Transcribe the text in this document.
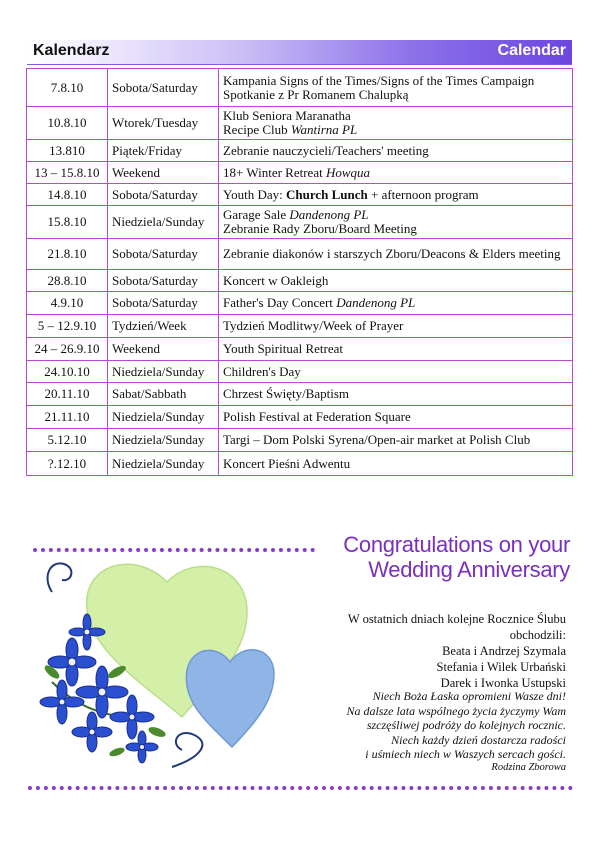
Kalendarz	Calendar
7.8.10	Sobota/Saturday	Kampania Signs of the Times/Signs of the Times Campaign
Spotkanie z Pr Romanem Chalupką
10.8.10	Wtorek/Tuesday	Klub Seniora Maranatha
Recipe Club Wantirna PL
13.810	Piątek/Friday	Zebranie nauczycieli/Teachers' meeting
13 – 15.8.10	Weekend	18+ Winter Retreat Howqua
14.8.10	Sobota/Saturday	Youth Day: Church Lunch + afternoon program
15.8.10	Niedziela/Sunday	Garage Sale Dandenong PL
Zebranie Rady Zboru/Board Meeting
21.8.10	Sobota/Saturday	Zebranie diakonów i starszych Zboru/Deacons & Elders meeting
28.8.10	Sobota/Saturday	Koncert w Oakleigh
4.9.10	Sobota/Saturday	Father's Day Concert Dandenong PL
5 – 12.9.10	Tydzień/Week	Tydzień Modlitwy/Week of Prayer
24 – 26.9.10	Weekend	Youth Spiritual Retreat
24.10.10	Niedziela/Sunday	Children's Day
20.11.10	Sabat/Sabbath	Chrzest Święty/Baptism
21.11.10	Niedziela/Sunday	Polish Festival at Federation Square
5.12.10	Niedziela/Sunday	Targi – Dom Polski Syrena/Open-air market at Polish Club
?.12.10	Niedziela/Sunday	Koncert Pieśni Adwentu
Congratulations on your
Wedding Anniversary
W ostatnich dniach kolejne Rocznice Ślubu
obchodzili:
Beata i Andrzej Szymala
Stefania i Wilek Urbański
Darek i Iwonka Ustupski
Niech Boża Łaska opromieni Wasze dni!
Na dalsze lata wspólnego życia życzymy Wam
szczęśliwej podróży do kolejnych rocznic.
Niech każdy dzień dostarcza radości
i uśmiech niech w Waszych sercach gości.
Rodzina Zborowa
